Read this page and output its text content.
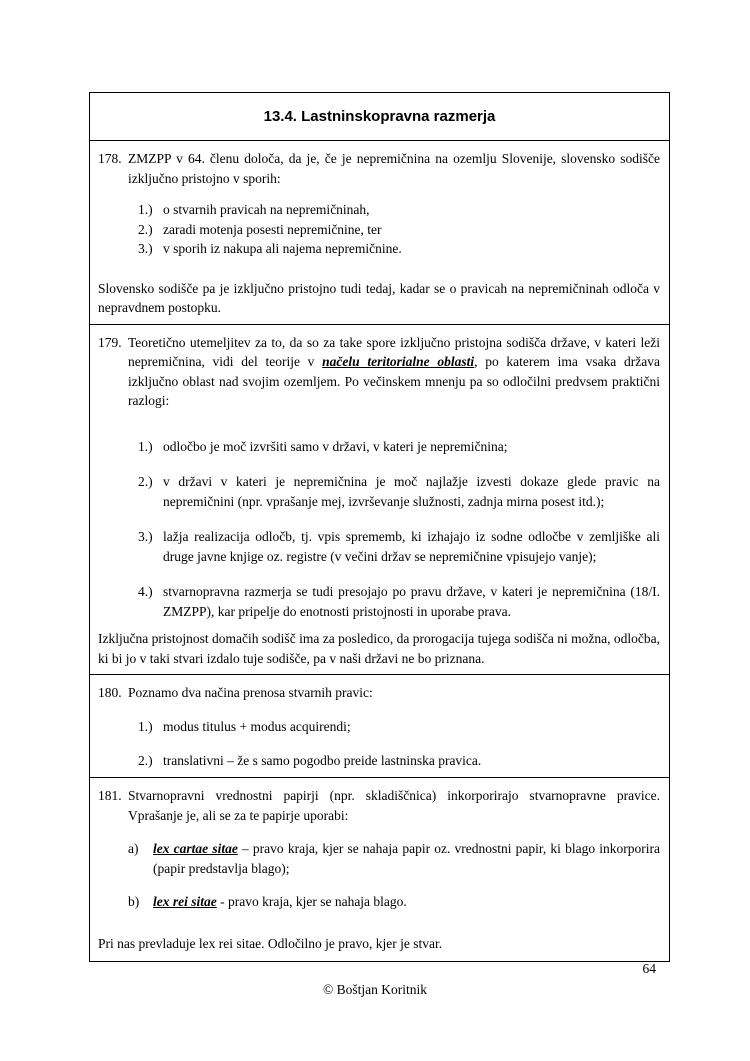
13.4. Lastninskopravna razmerja
178. ZMZPP v 64. členu določa, da je, če je nepremičnina na ozemlju Slovenije, slovensko sodišče izključno pristojno v sporih:

1.) o stvarnih pravicah na nepremičninah,

2.) zaradi motenja posesti nepremičnine, ter

3.) v sporih iz nakupa ali najema nepremičnine.

Slovensko sodišče pa je izključno pristojno tudi tedaj, kadar se o pravicah na nepremičninah odloča v nepravdnem postopku.

179. Teoretično utemeljitev za to, da so za take spore izključno pristojna sodišča države, v kateri leži nepremičnina, vidi del teorije v načelu teritorialne oblasti, po katerem ima vsaka država izključno oblast nad svojim ozemljem. Po večinskem mnenju pa so odločilni predvsem praktični razlogi:

1.) odločbo je moč izvršiti samo v državi, v kateri je nepremičnina;

2.) v državi v kateri je nepremičnina je moč najlažje izvesti dokaze glede pravic na nepremičnini (npr. vprašanje mej, izvrševanje služnosti, zadnja mirna posest itd.);

3.) lažja realizacija odločb, tj. vpis sprememb, ki izhajajo iz sodne odločbe v zemljiške ali druge javne knjige oz. registre (v večini držav se nepremičnine vpisujejo vanje);

4.) stvarnopravna razmerja se tudi presojajo po pravu države, v kateri je nepremičnina (18/I. ZMZPP), kar pripelje do enotnosti pristojnosti in uporabe prava.

Izključna pristojnost domačih sodišč ima za posledico, da prorogacija tujega sodišča ni možna, odločba, ki bi jo v taki stvari izdalo tuje sodišče, pa v naši državi ne bo priznana.

180. Poznamo dva načina prenosa stvarnih pravic:

1.) modus titulus + modus acquirendi;

2.) translativni – že s samo pogodbo preide lastninska pravica.

181. Stvarnopravni vrednostni papirji (npr. skladiščnica) inkorporirajo stvarnopravne pravice. Vprašanje je, ali se za te papirje uporabi:

a)	lex cartae sitae – pravo kraja, kjer se nahaja papir oz. vrednostni papir, ki blago inkorporira (papir predstavlja blago);

b)	lex rei sitae - pravo kraja, kjer se nahaja blago.

Pri nas prevladuje lex rei sitae. Odločilno je pravo, kjer je stvar.

64
© Boštjan Koritnik
